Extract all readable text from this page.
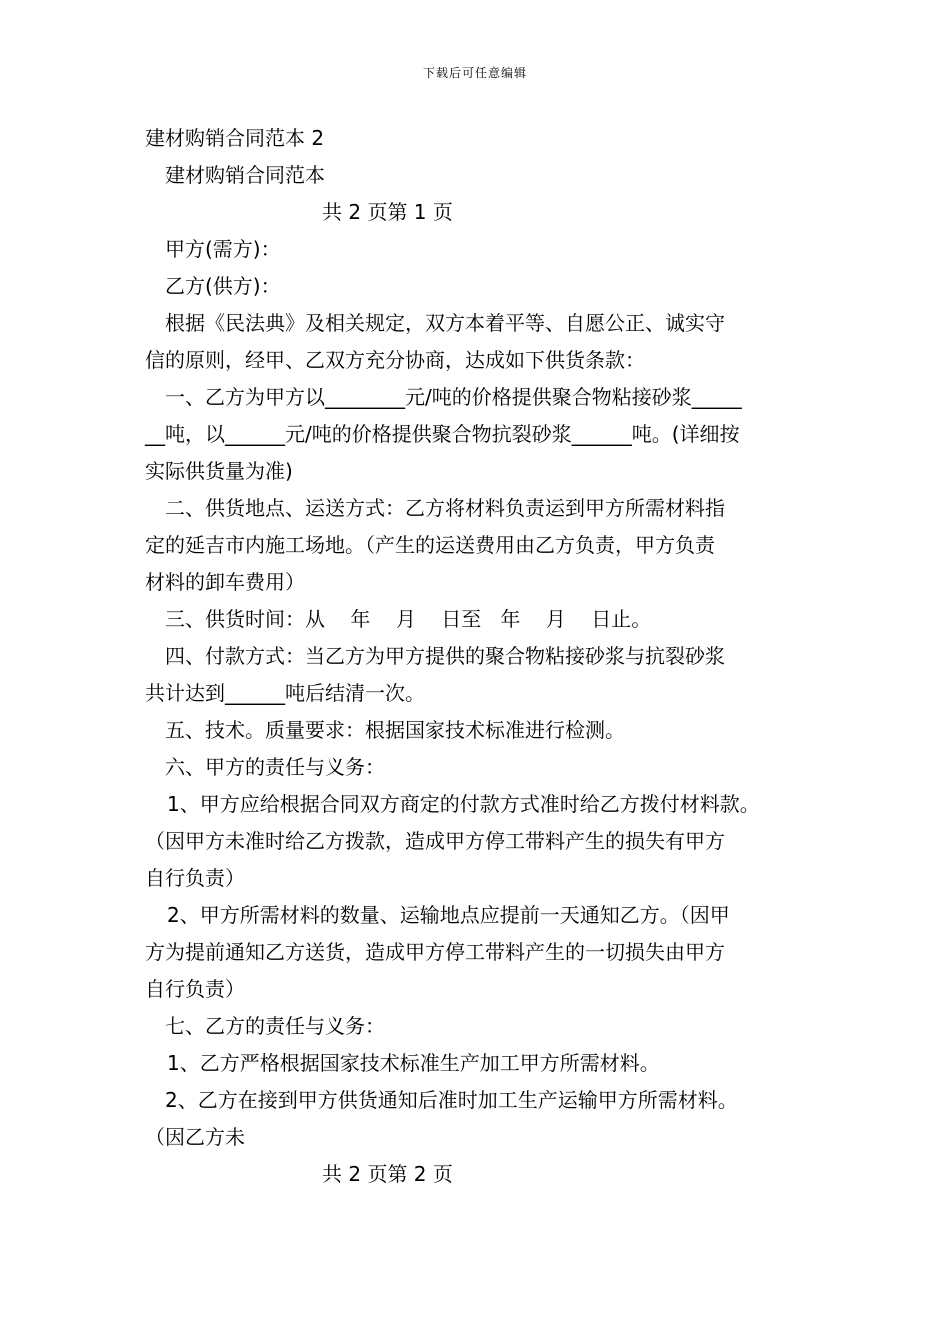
下载后可任意编辑
建材购销合同范本 2
建材购销合同范本
共 2 页第 1 页
甲方(需方)：
乙方(供方)：
根据《民法典》及相关规定，双方本着平等、自愿公正、诚实守
信的原则，经甲、乙双方充分协商，达成如下供货条款：
一、乙方为甲方以________元/吨的价格提供聚合物粘接砂浆_____
__吨，以______元/吨的价格提供聚合物抗裂砂浆______吨。(详细按
实际供货量为准)
二、供货地点、运送方式：乙方将材料负责运到甲方所需材料指
定的延吉市内施工场地。（产生的运送费用由乙方负责，甲方负责
材料的卸车费用）
三、供货时间：从    年    月    日至   年    月    日止。
四、付款方式：当乙方为甲方提供的聚合物粘接砂浆与抗裂砂浆
共计达到______吨后结清一次。
五、技术。质量要求：根据国家技术标准进行检测。
六、甲方的责任与义务：
1、甲方应给根据合同双方商定的付款方式准时给乙方拨付材料款。
（因甲方未准时给乙方拨款，造成甲方停工带料产生的损失有甲方
自行负责）
2、甲方所需材料的数量、运输地点应提前一天通知乙方。（因甲
方为提前通知乙方送货，造成甲方停工带料产生的一切损失由甲方
自行负责）
七、乙方的责任与义务：
1、乙方严格根据国家技术标准生产加工甲方所需材料。
2、乙方在接到甲方供货通知后准时加工生产运输甲方所需材料。
（因乙方未
共 2 页第 2 页
